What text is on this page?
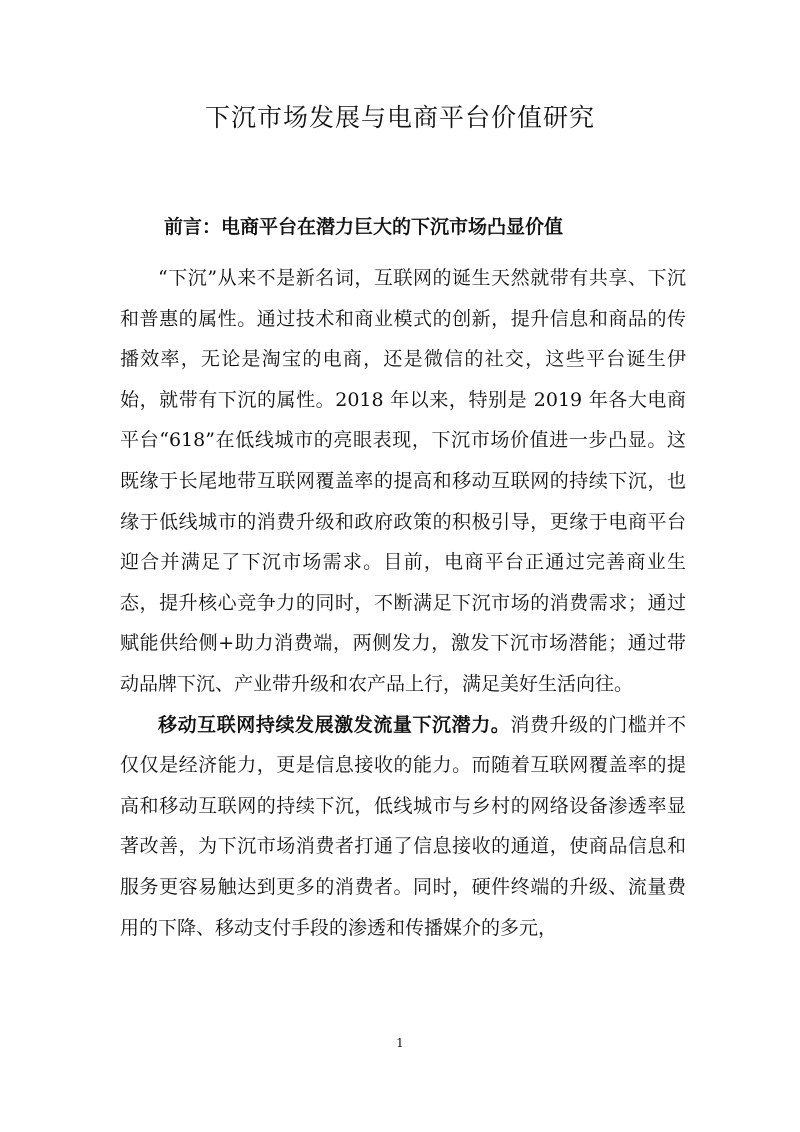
下沉市场发展与电商平台价值研究
前言：电商平台在潜力巨大的下沉市场凸显价值

“下沉”从来不是新名词，互联网的诞生天然就带有共享、下沉和普惠的属性。通过技术和商业模式的创新，提升信息和商品的传播效率，无论是淘宝的电商，还是微信的社交，这些平台诞生伊始，就带有下沉的属性。2018 年以来，特别是 2019 年各大电商平台“618”在低线城市的亮眼表现，下沉市场价值进一步凸显。这既缘于长尾地带互联网覆盖率的提高和移动互联网的持续下沉，也缘于低线城市的消费升级和政府政策的积极引导，更缘于电商平台迎合并满足了下沉市场需求。目前，电商平台正通过完善商业生态，提升核心竞争力的同时，不断满足下沉市场的消费需求；通过赋能供给侧+助力消费端，两侧发力，激发下沉市场潜能；通过带动品牌下沉、产业带升级和农产品上行，满足美好生活向往。

移动互联网持续发展激发流量下沉潜力。消费升级的门槛并不仅仅是经济能力，更是信息接收的能力。而随着互联网覆盖率的提高和移动互联网的持续下沉，低线城市与乡村的网络设备渗透率显著改善，为下沉市场消费者打通了信息接收的通道，使商品信息和服务更容易触达到更多的消费者。同时，硬件终端的升级、流量费用的下降、移动支付手段的渗透和传播媒介的多元，

1
